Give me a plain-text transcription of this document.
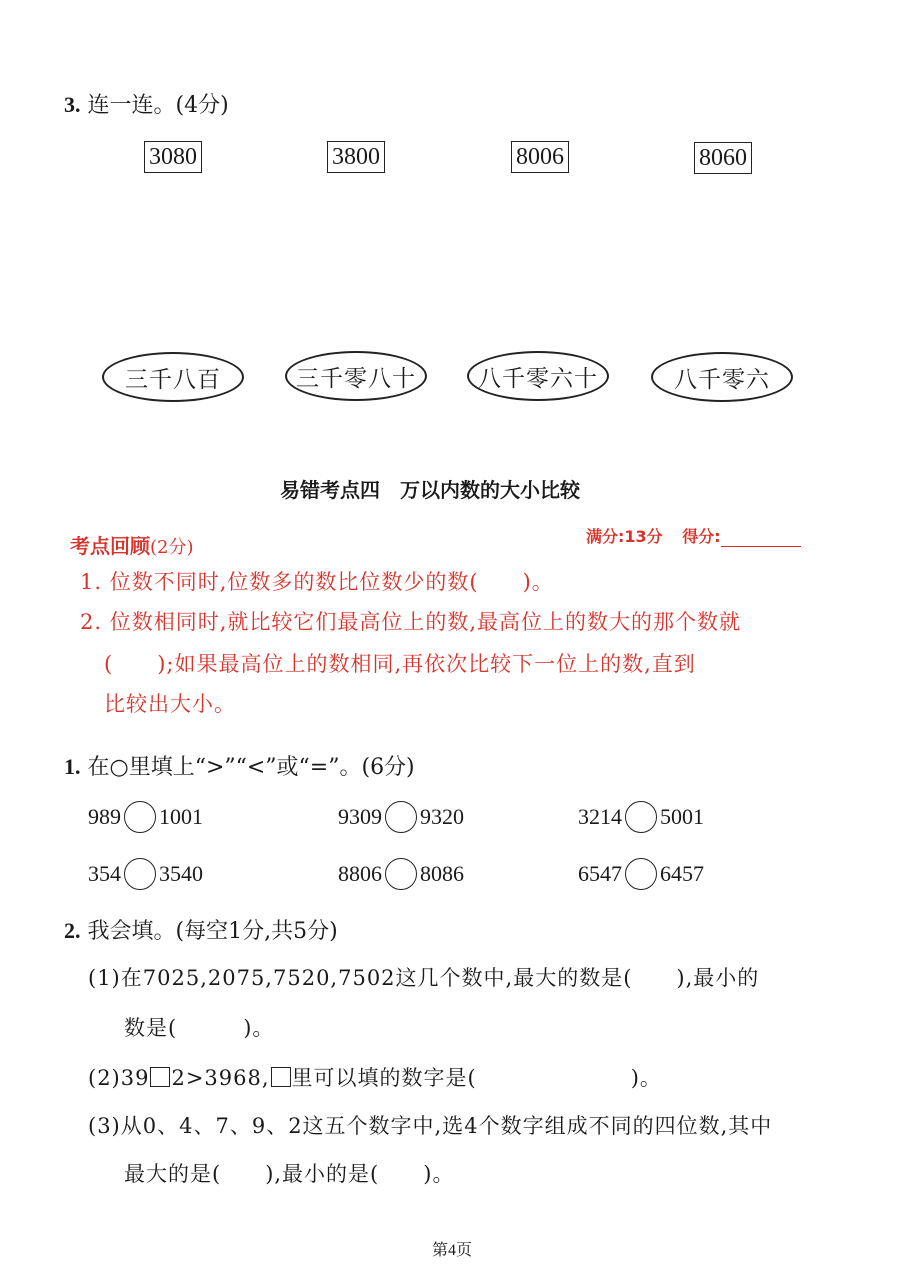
3. 连一连。(4分)
3080	3800	8006	8060
三千八百	三千零八十	八千零六十	八千零六
易错考点四　万以内数的大小比较
考点回顾(2分)
满分:13分 得分:
1. 位数不同时,位数多的数比位数少的数(　　)。
2. 位数相同时,就比较它们最高位上的数,最高位上的数大的那个数就
(　　);如果最高位上的数相同,再依次比较下一位上的数,直到
比较出大小。
1. 在○里填上“>”“<”或“=”。(6分)
989 1001	9309 9320	3214 5001
354 3540	8806 8086	6547 6457
2. 我会填。(每空1分,共5分)
(1)在7025,2075,7520,7502这几个数中,最大的数是(　　),最小的
数是(　　　)。
(2)39 2>3968, 里可以填的数字是(　　　　　　　)。
(3)从0、4、7、9、2这五个数字中,选4个数字组成不同的四位数,其中
最大的是(　　),最小的是(　　)。
第4页
